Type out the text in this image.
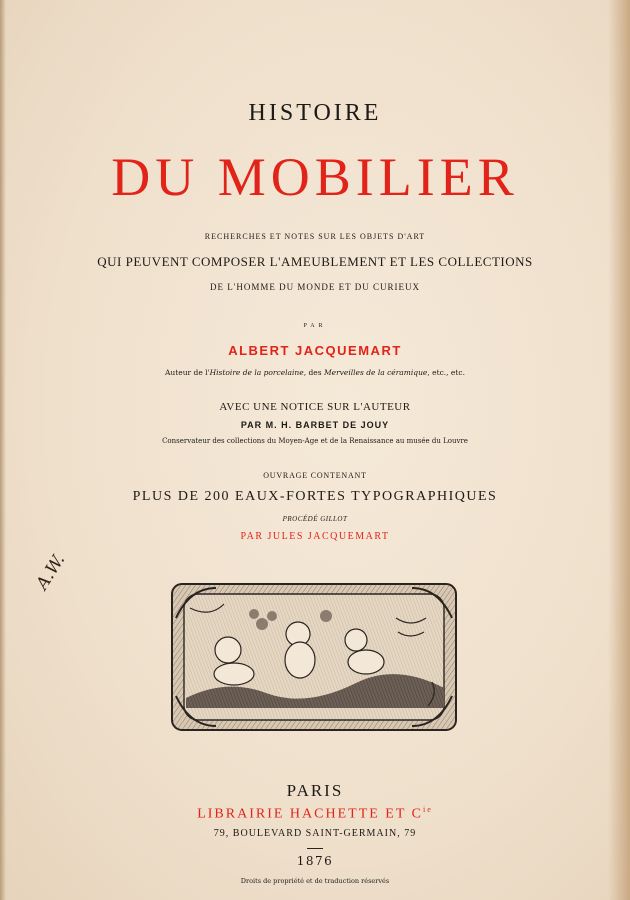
HISTOIRE
DU MOBILIER
RECHERCHES ET NOTES SUR LES OBJETS D'ART
QUI PEUVENT COMPOSER L'AMEUBLEMENT ET LES COLLECTIONS
DE L'HOMME DU MONDE ET DU CURIEUX
PAR
ALBERT JACQUEMART
Auteur de l'Histoire de la porcelaine, des Merveilles de la céramique, etc., etc.
AVEC UNE NOTICE SUR L'AUTEUR
PAR M. H. BARBET DE JOUY
Conservateur des collections du Moyen-Age et de la Renaissance au musée du Louvre
OUVRAGE CONTENANT
PLUS DE 200 EAUX-FORTES TYPOGRAPHIQUES
PROCÉDÉ GILLOT
PAR JULES JACQUEMART
A.W.
PARIS
LIBRAIRIE HACHETTE ET $C^{ie}$
79, BOULEVARD SAINT-GERMAIN, 79
1876
Droits de propriété et de traduction réservés
